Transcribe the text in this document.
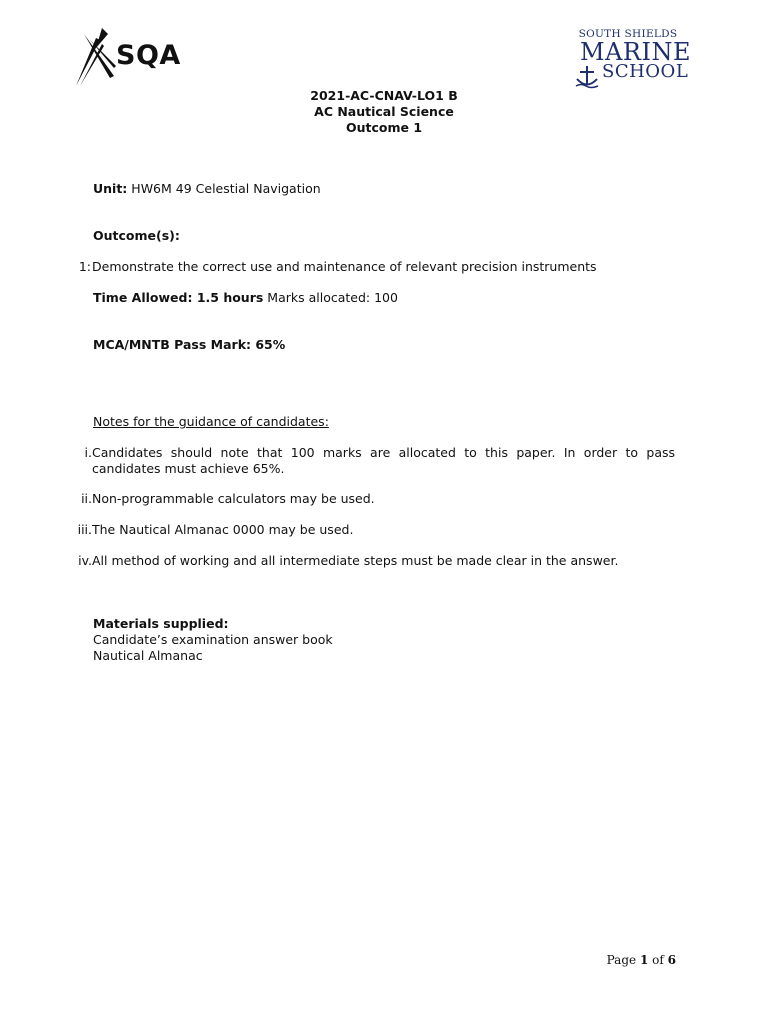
SQA
SOUTH SHIELDS
MARINE
SCHOOL
2021-AC-CNAV-LO1 B
AC Nautical Science
Outcome 1
Unit: HW6M 49 Celestial Navigation
Outcome(s):
1: Demonstrate the correct use and maintenance of relevant precision instruments
Time Allowed: 1.5 hours Marks allocated: 100
MCA/MNTB Pass Mark: 65%
Notes for the guidance of candidates:
i. Candidates should note that 100 marks are allocated to this paper. In order to pass candidates must achieve 65%.
ii. Non-programmable calculators may be used.
iii. The Nautical Almanac 0000 may be used.
iv. All method of working and all intermediate steps must be made clear in the answer.
Materials supplied:
Candidate’s examination answer book
Nautical Almanac
Page 1 of 6
